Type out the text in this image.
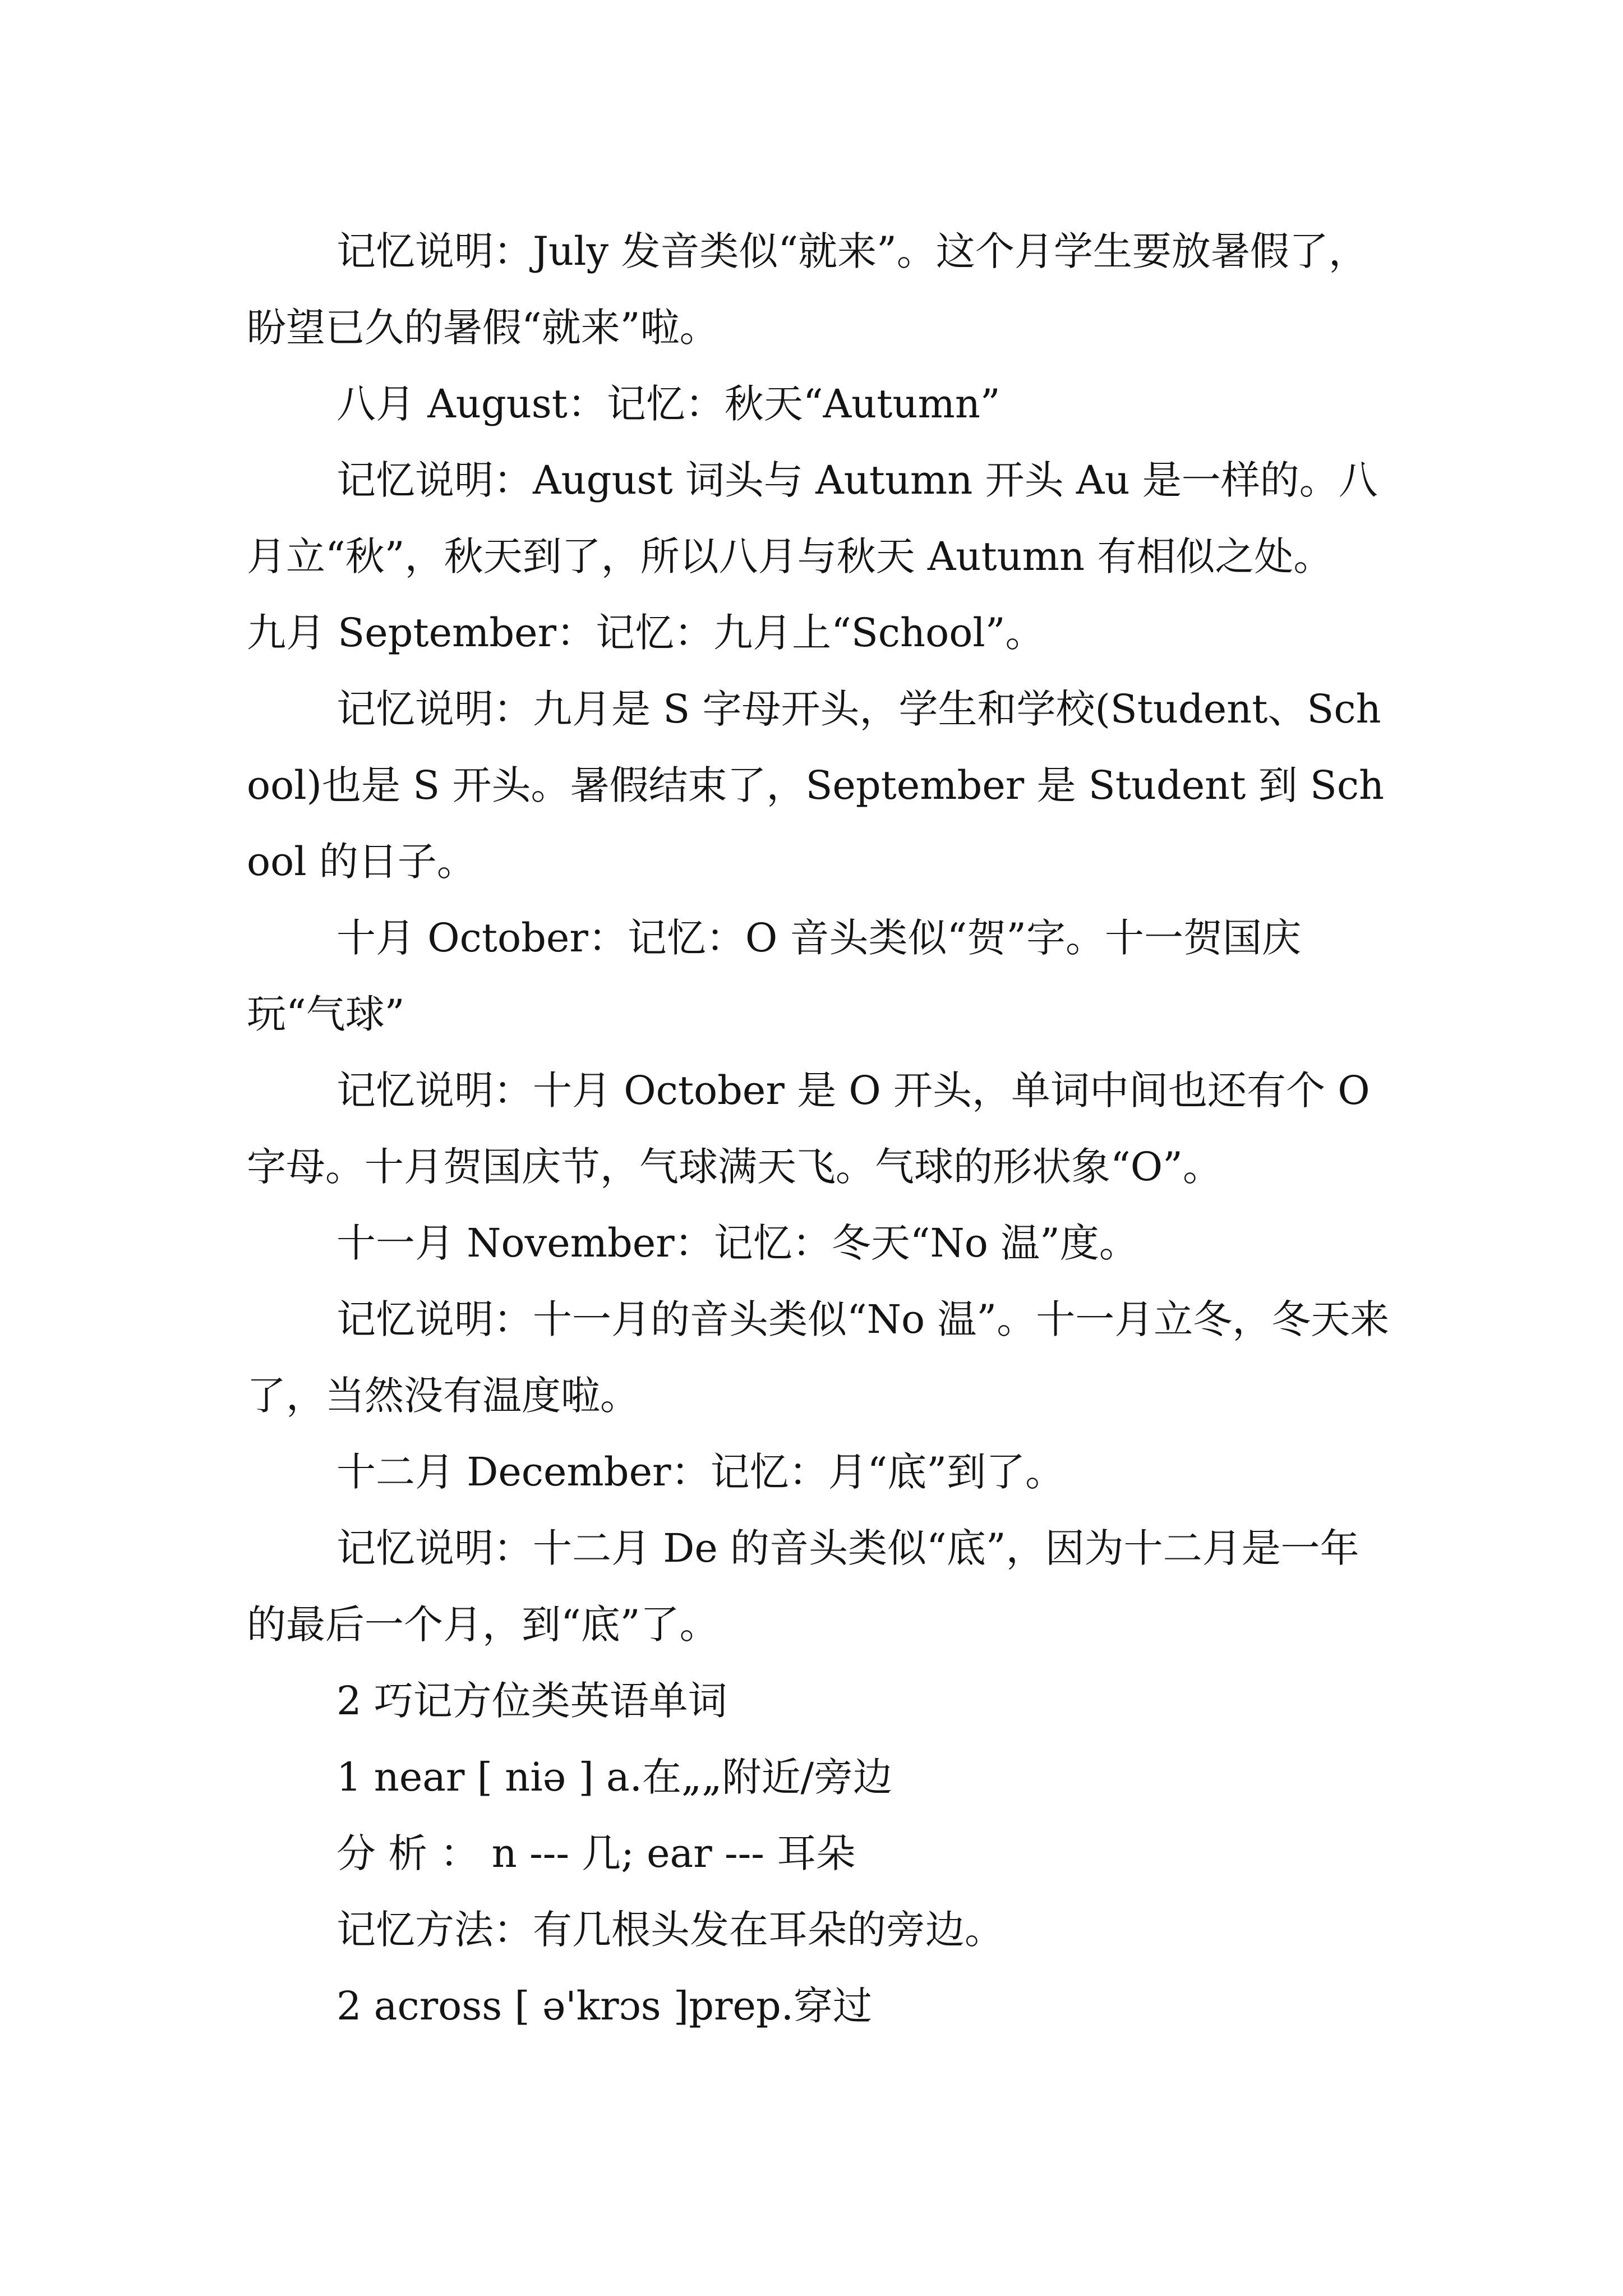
记忆说明：July 发音类似“就来”。这个月学生要放暑假了，盼望已久的暑假“就来”啦。

八月 August：记忆：秋天“Autumn”

记忆说明：August 词头与 Autumn 开头 Au 是一样的。八月立“秋”，秋天到了，所以八月与秋天 Autumn 有相似之处。

九月 September：记忆：九月上“School”。

记忆说明：九月是 S 字母开头，学生和学校(Student、School)也是 S 开头。暑假结束了，September 是 Student 到 School 的日子。

十月 October：记忆：O 音头类似“贺”字。十一贺国庆玩“气球”

记忆说明：十月 October 是 O 开头，单词中间也还有个 O 字母。十月贺国庆节，气球满天飞。气球的形状象“O”。

十一月 November：记忆：冬天“No 温”度。

记忆说明：十一月的音头类似“No 温”。十一月立冬，冬天来了，当然没有温度啦。

十二月 December：记忆：月“底”到了。

记忆说明：十二月 De 的音头类似“底”，因为十二月是一年的最后一个月，到“底”了。

2 巧记方位类英语单词

1 near [ niə ] a.在„„附近/旁边

分 析 ： n --- 几; ear --- 耳朵

记忆方法：有几根头发在耳朵的旁边。

2 across [ ə'krɔs ]prep.穿过
